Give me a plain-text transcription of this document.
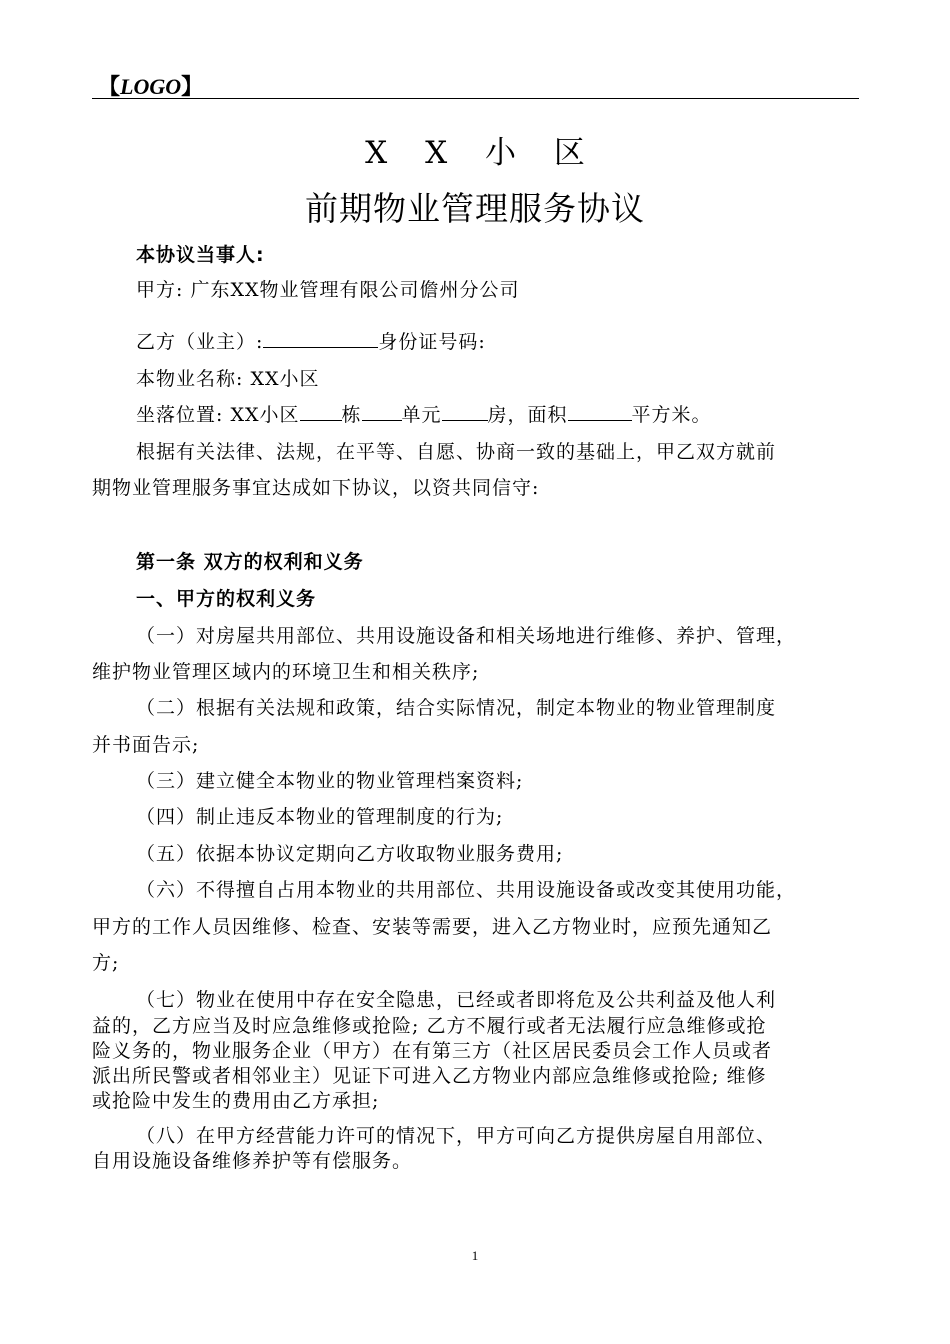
【LOGO】
X X 小 区
前期物业管理服务协议
本协议当事人:
甲方: 广东XX物业管理有限公司儋州分公司
乙方（业主）:	身份证号码:
本物业名称: XX小区
坐落位置: XX小区 栋 单元 房，面积	平方米。
根据有关法律、法规，在平等、自愿、协商一致的基础上，甲乙双方就前
期物业管理服务事宜达成如下协议，以资共同信守:
第一条 双方的权利和义务
一、甲方的权利义务
（一）对房屋共用部位、共用设施设备和相关场地进行维修、养护、管理，
维护物业管理区域内的环境卫生和相关秩序;
（二）根据有关法规和政策，结合实际情况，制定本物业的物业管理制度
并书面告示;
（三）建立健全本物业的物业管理档案资料;
（四）制止违反本物业的管理制度的行为;
（五）依据本协议定期向乙方收取物业服务费用;
（六）不得擅自占用本物业的共用部位、共用设施设备或改变其使用功能，
甲方的工作人员因维修、检查、安装等需要，进入乙方物业时，应预先通知乙
方;
（七）物业在使用中存在安全隐患，已经或者即将危及公共利益及他人利
益的，乙方应当及时应急维修或抢险; 乙方不履行或者无法履行应急维修或抢
险义务的，物业服务企业（甲方）在有第三方（社区居民委员会工作人员或者
派出所民警或者相邻业主）见证下可进入乙方物业内部应急维修或抢险; 维修
或抢险中发生的费用由乙方承担;
（八）在甲方经营能力许可的情况下，甲方可向乙方提供房屋自用部位、
自用设施设备维修养护等有偿服务。
1
